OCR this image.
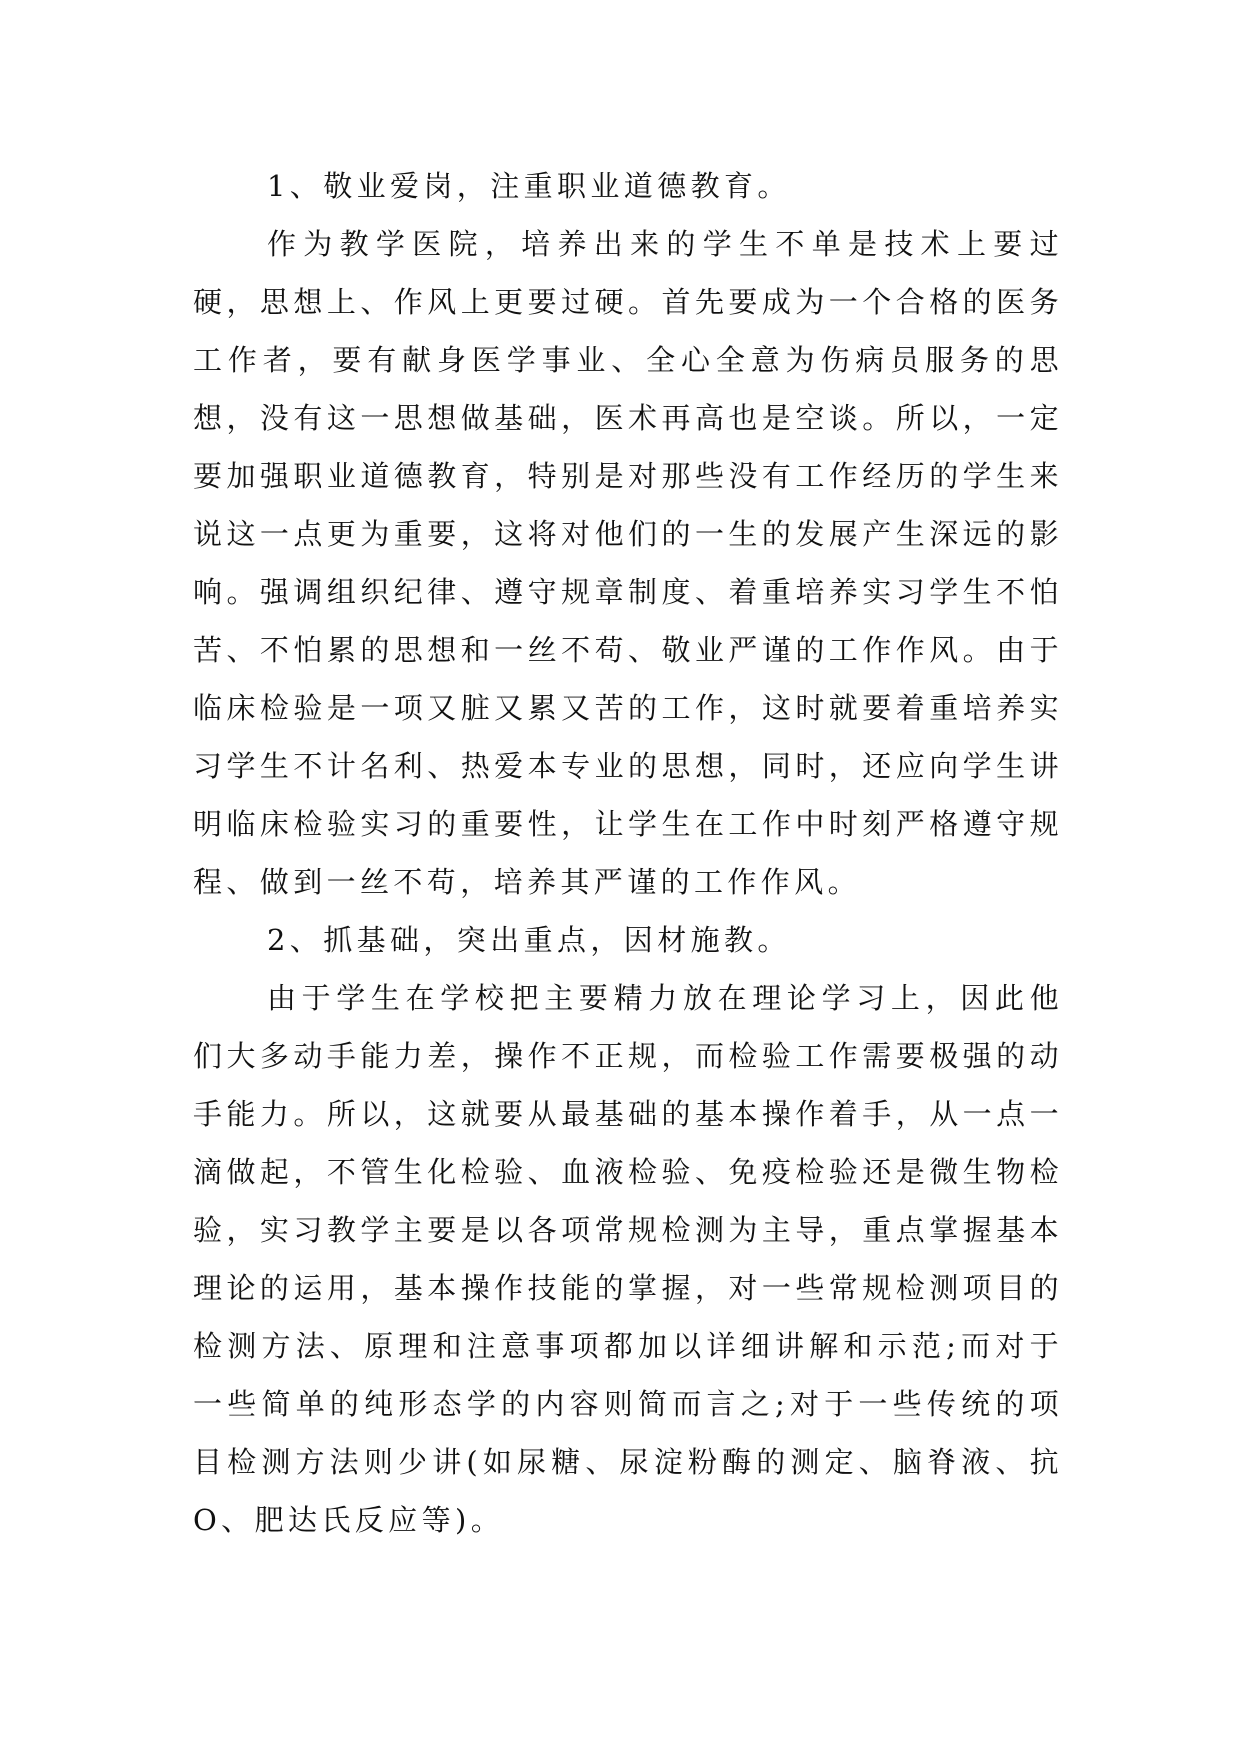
1、敬业爱岗，注重职业道德教育。

作为教学医院，培养出来的学生不单是技术上要过硬，思想上、作风上更要过硬。首先要成为一个合格的医务工作者，要有献身医学事业、全心全意为伤病员服务的思想，没有这一思想做基础，医术再高也是空谈。所以，一定要加强职业道德教育，特别是对那些没有工作经历的学生来说这一点更为重要，这将对他们的一生的发展产生深远的影响。强调组织纪律、遵守规章制度、着重培养实习学生不怕苦、不怕累的思想和一丝不苟、敬业严谨的工作作风。由于临床检验是一项又脏又累又苦的工作，这时就要着重培养实习学生不计名利、热爱本专业的思想，同时，还应向学生讲明临床检验实习的重要性，让学生在工作中时刻严格遵守规程、做到一丝不苟，培养其严谨的工作作风。

2、抓基础，突出重点，因材施教。

由于学生在学校把主要精力放在理论学习上，因此他们大多动手能力差，操作不正规，而检验工作需要极强的动手能力。所以，这就要从最基础的基本操作着手，从一点一滴做起，不管生化检验、血液检验、免疫检验还是微生物检验，实习教学主要是以各项常规检测为主导，重点掌握基本理论的运用，基本操作技能的掌握，对一些常规检测项目的检测方法、原理和注意事项都加以详细讲解和示范;而对于一些简单的纯形态学的内容则简而言之;对于一些传统的项目检测方法则少讲(如尿糖、尿淀粉酶的测定、脑脊液、抗O、肥达氏反应等)。
